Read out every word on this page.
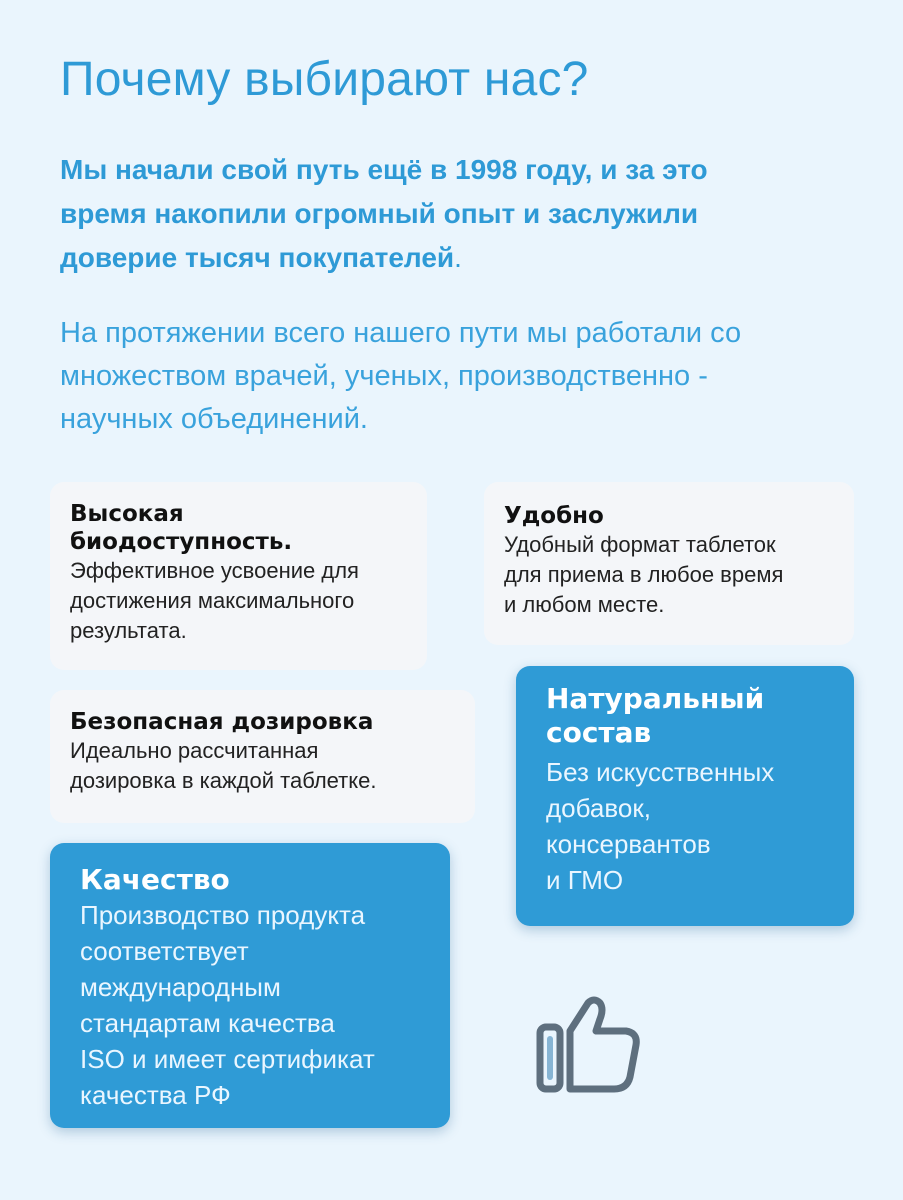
Почему выбирают нас?

Мы начали свой путь ещё в 1998 году, и за это
время накопили огромный опыт и заслужили
доверие тысяч покупателей.

На протяжении всего нашего пути мы работали со
множеством врачей, ученых, производственно -
научных объединений.

Высокая
биодоступность.

Эффективное усвоение для
достижения максимального
результата.

Удобно

Удобный формат таблеток
для приема в любое время
и любом месте.

Безопасная дозировка

Идеально рассчитанная
дозировка в каждой таблетке.

Натуральный
состав

Без искусственных
добавок,
консервантов
и ГМО

Качество

Производство продукта
соответствует
международным
стандартам качества
ISO и имеет сертификат
качества РФ
